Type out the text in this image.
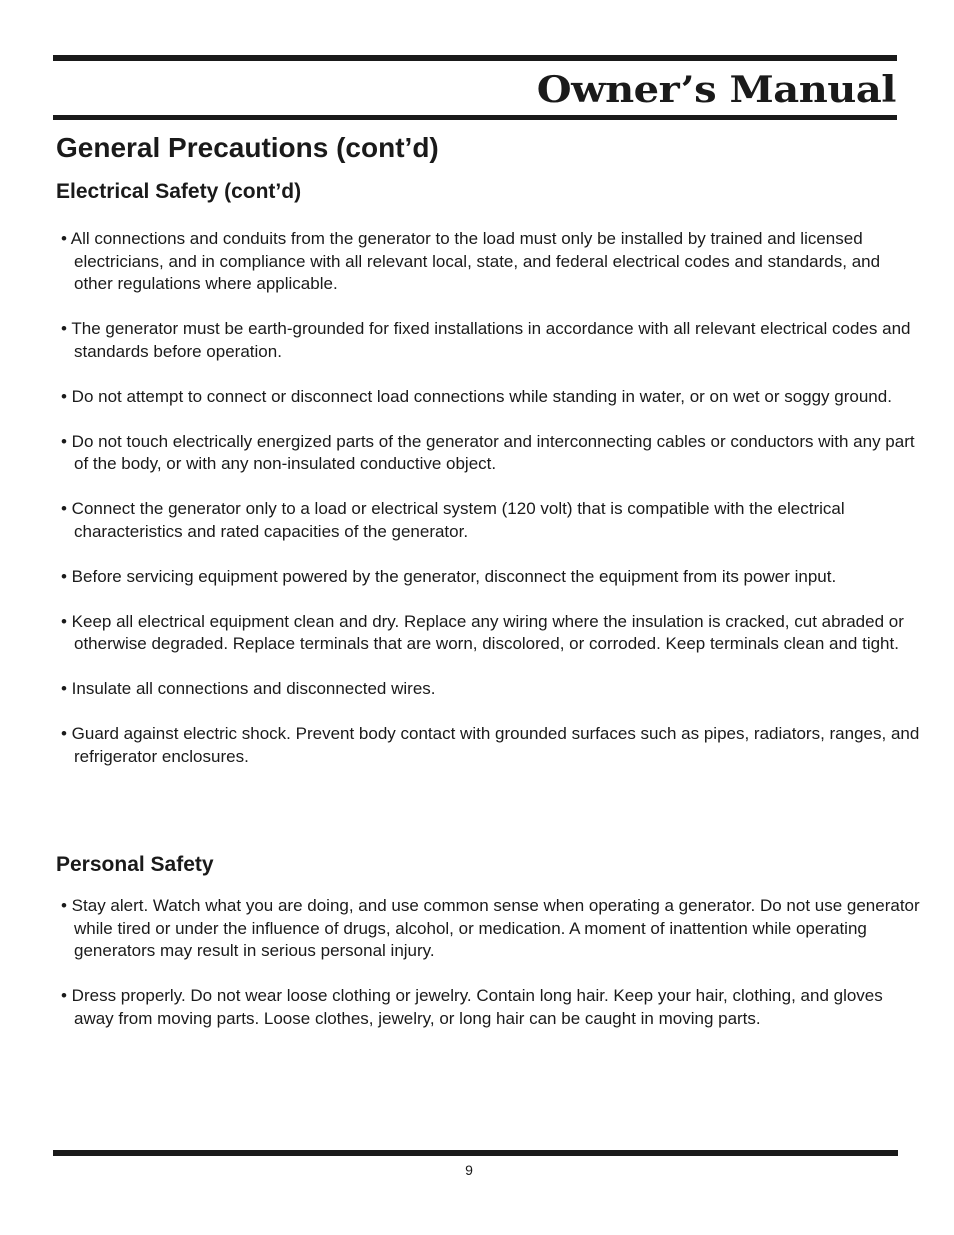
Owner’s Manual
General Precautions (cont’d)
Electrical Safety (cont’d)
• All connections and conduits from the generator to the load must only be installed by trained and licensed electricians, and in compliance with all relevant local, state, and federal electrical codes and standards, and other regulations where applicable.
• The generator must be earth-grounded for fixed installations in accordance with all relevant electrical codes and standards before operation.
• Do not attempt to connect or disconnect load connections while standing in water, or on wet or soggy ground.
• Do not touch electrically energized parts of the generator and interconnecting cables or conductors with any part of the body, or with any non-insulated conductive object.
• Connect the generator only to a load or electrical system (120 volt) that is compatible with the electrical characteristics and rated capacities of the generator.
• Before servicing equipment powered by the generator, disconnect the equipment from its power input.
• Keep all electrical equipment clean and dry. Replace any wiring where the insulation is cracked, cut abraded or otherwise degraded. Replace terminals that are worn, discolored, or corroded. Keep terminals clean and tight.
• Insulate all connections and disconnected wires.
• Guard against electric shock. Prevent body contact with grounded surfaces such as pipes, radiators, ranges, and refrigerator enclosures.
Personal Safety
• Stay alert. Watch what you are doing, and use common sense when operating a generator. Do not use generator while tired or under the influence of drugs, alcohol, or medication. A moment of inattention while operating generators may result in serious personal injury.
• Dress properly. Do not wear loose clothing or jewelry. Contain long hair. Keep your hair, clothing, and gloves away from moving parts. Loose clothes, jewelry, or long hair can be caught in moving parts.
9
